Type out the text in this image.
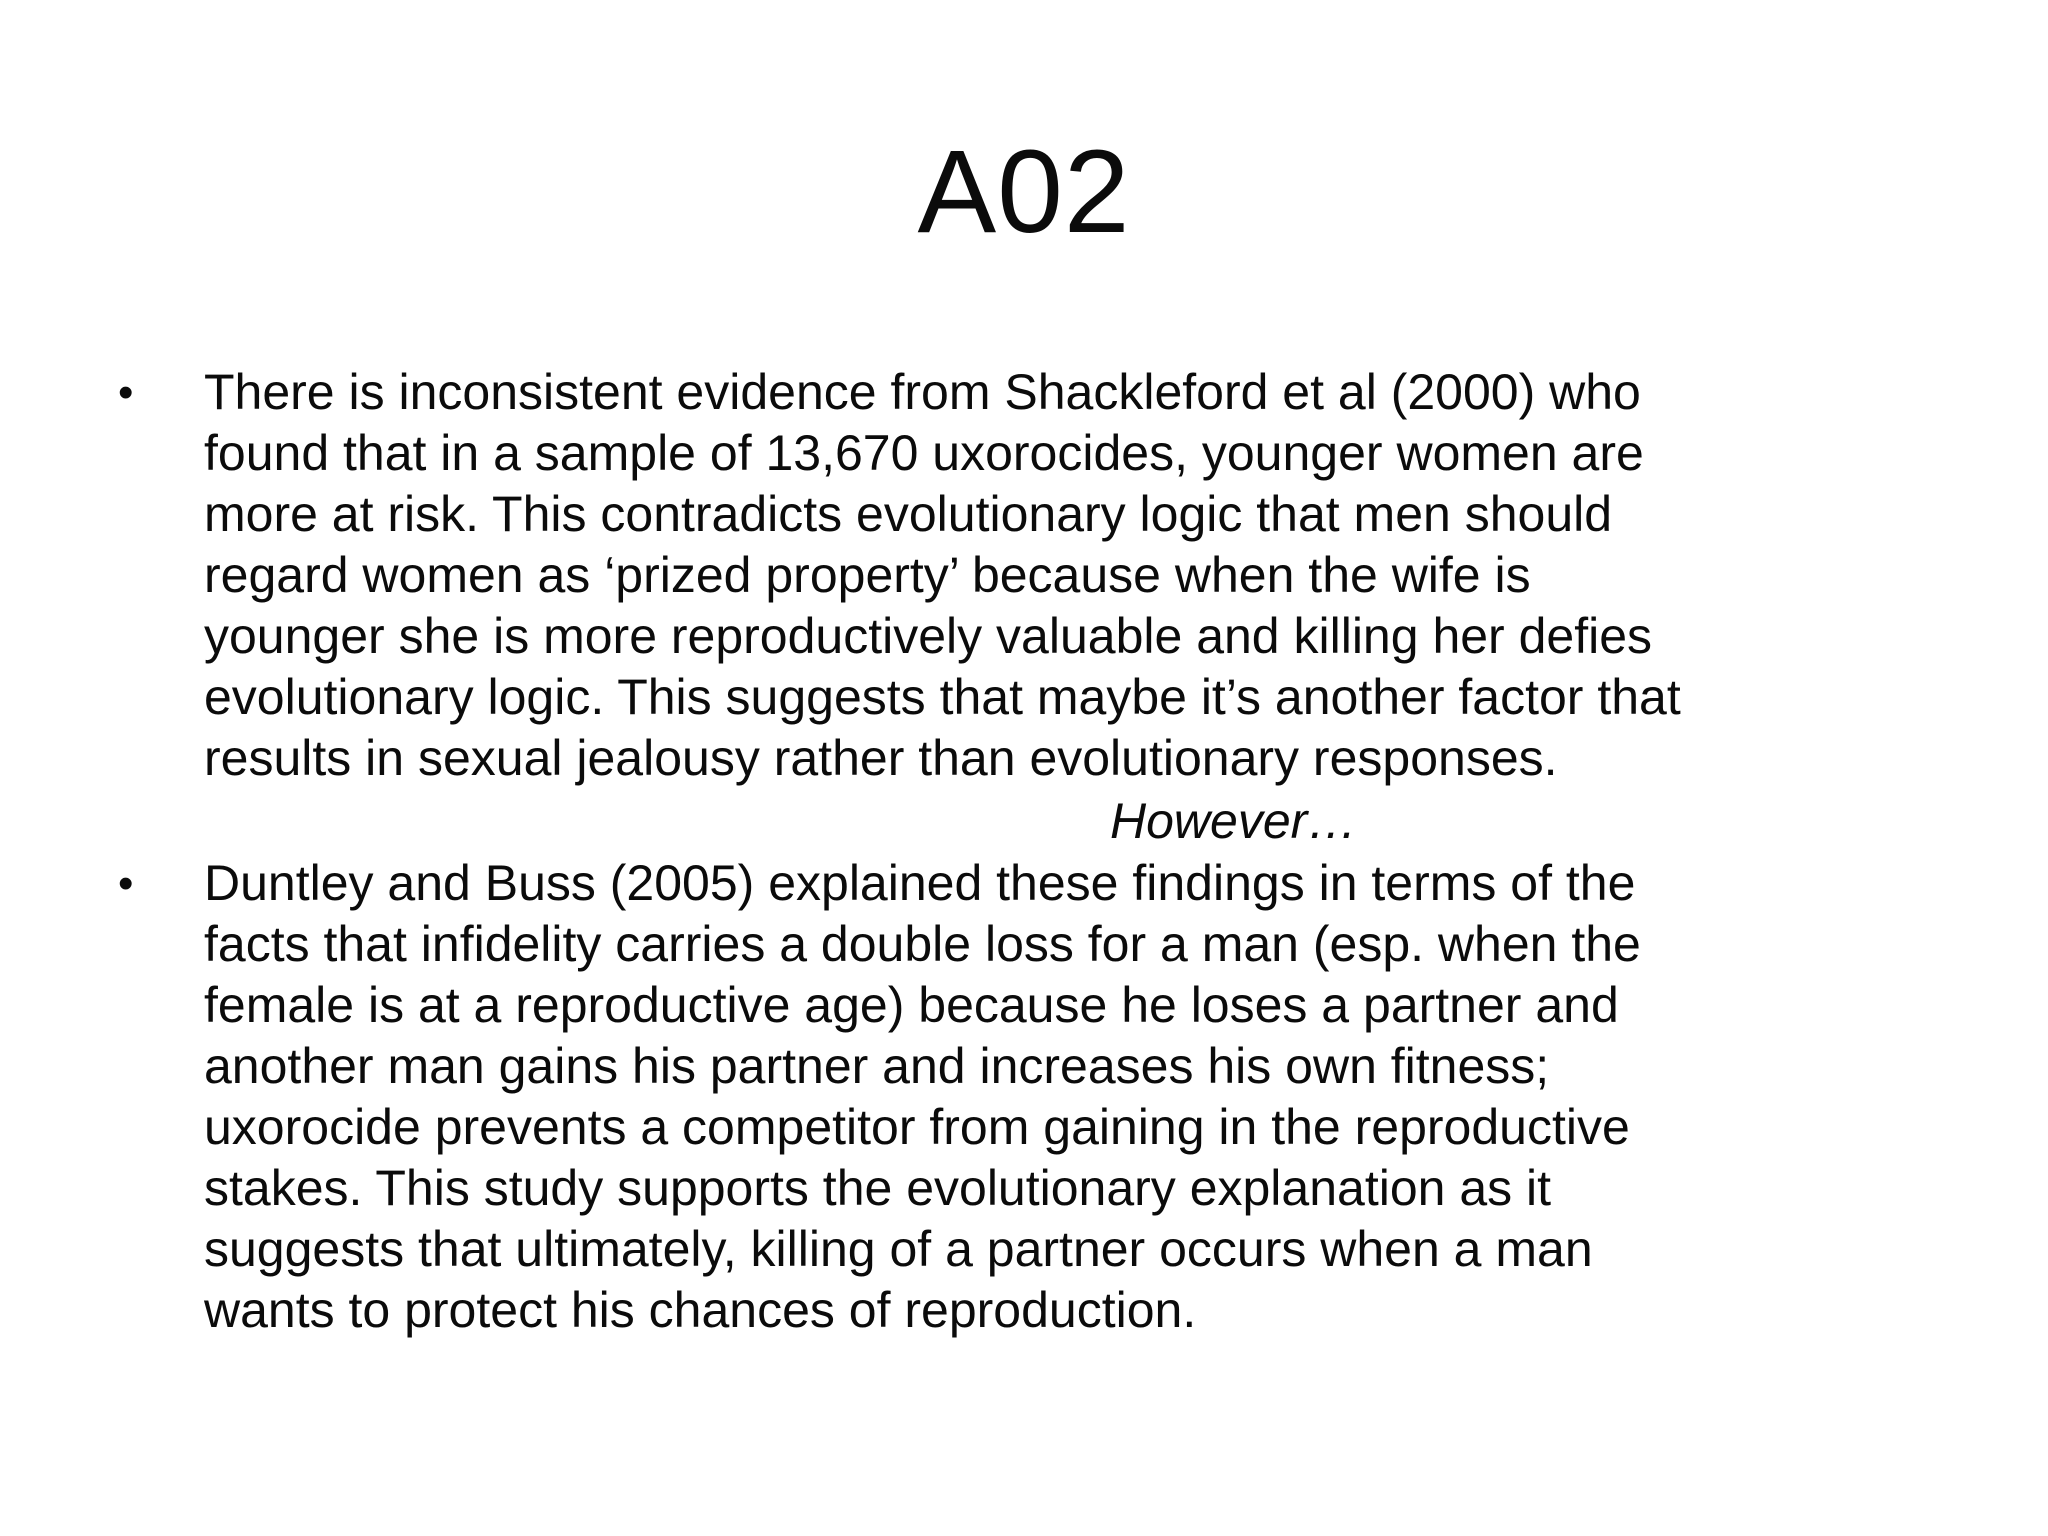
A02
•	There is inconsistent evidence from Shackleford et al (2000) who
found that in a sample of 13,670 uxorocides, younger women are
more at risk. This contradicts evolutionary logic that men should
regard women as ‘prized property’ because when the wife is
younger she is more reproductively valuable and killing her defies
evolutionary logic. This suggests that maybe it’s another factor that
results in sexual jealousy rather than evolutionary responses.
However…
•	Duntley and Buss (2005) explained these findings in terms of the
facts that infidelity carries a double loss for a man (esp. when the
female is at a reproductive age) because he loses a partner and
another man gains his partner and increases his own fitness;
uxorocide prevents a competitor from gaining in the reproductive
stakes. This study supports the evolutionary explanation as it
suggests that ultimately, killing of a partner occurs when a man
wants to protect his chances of reproduction.
